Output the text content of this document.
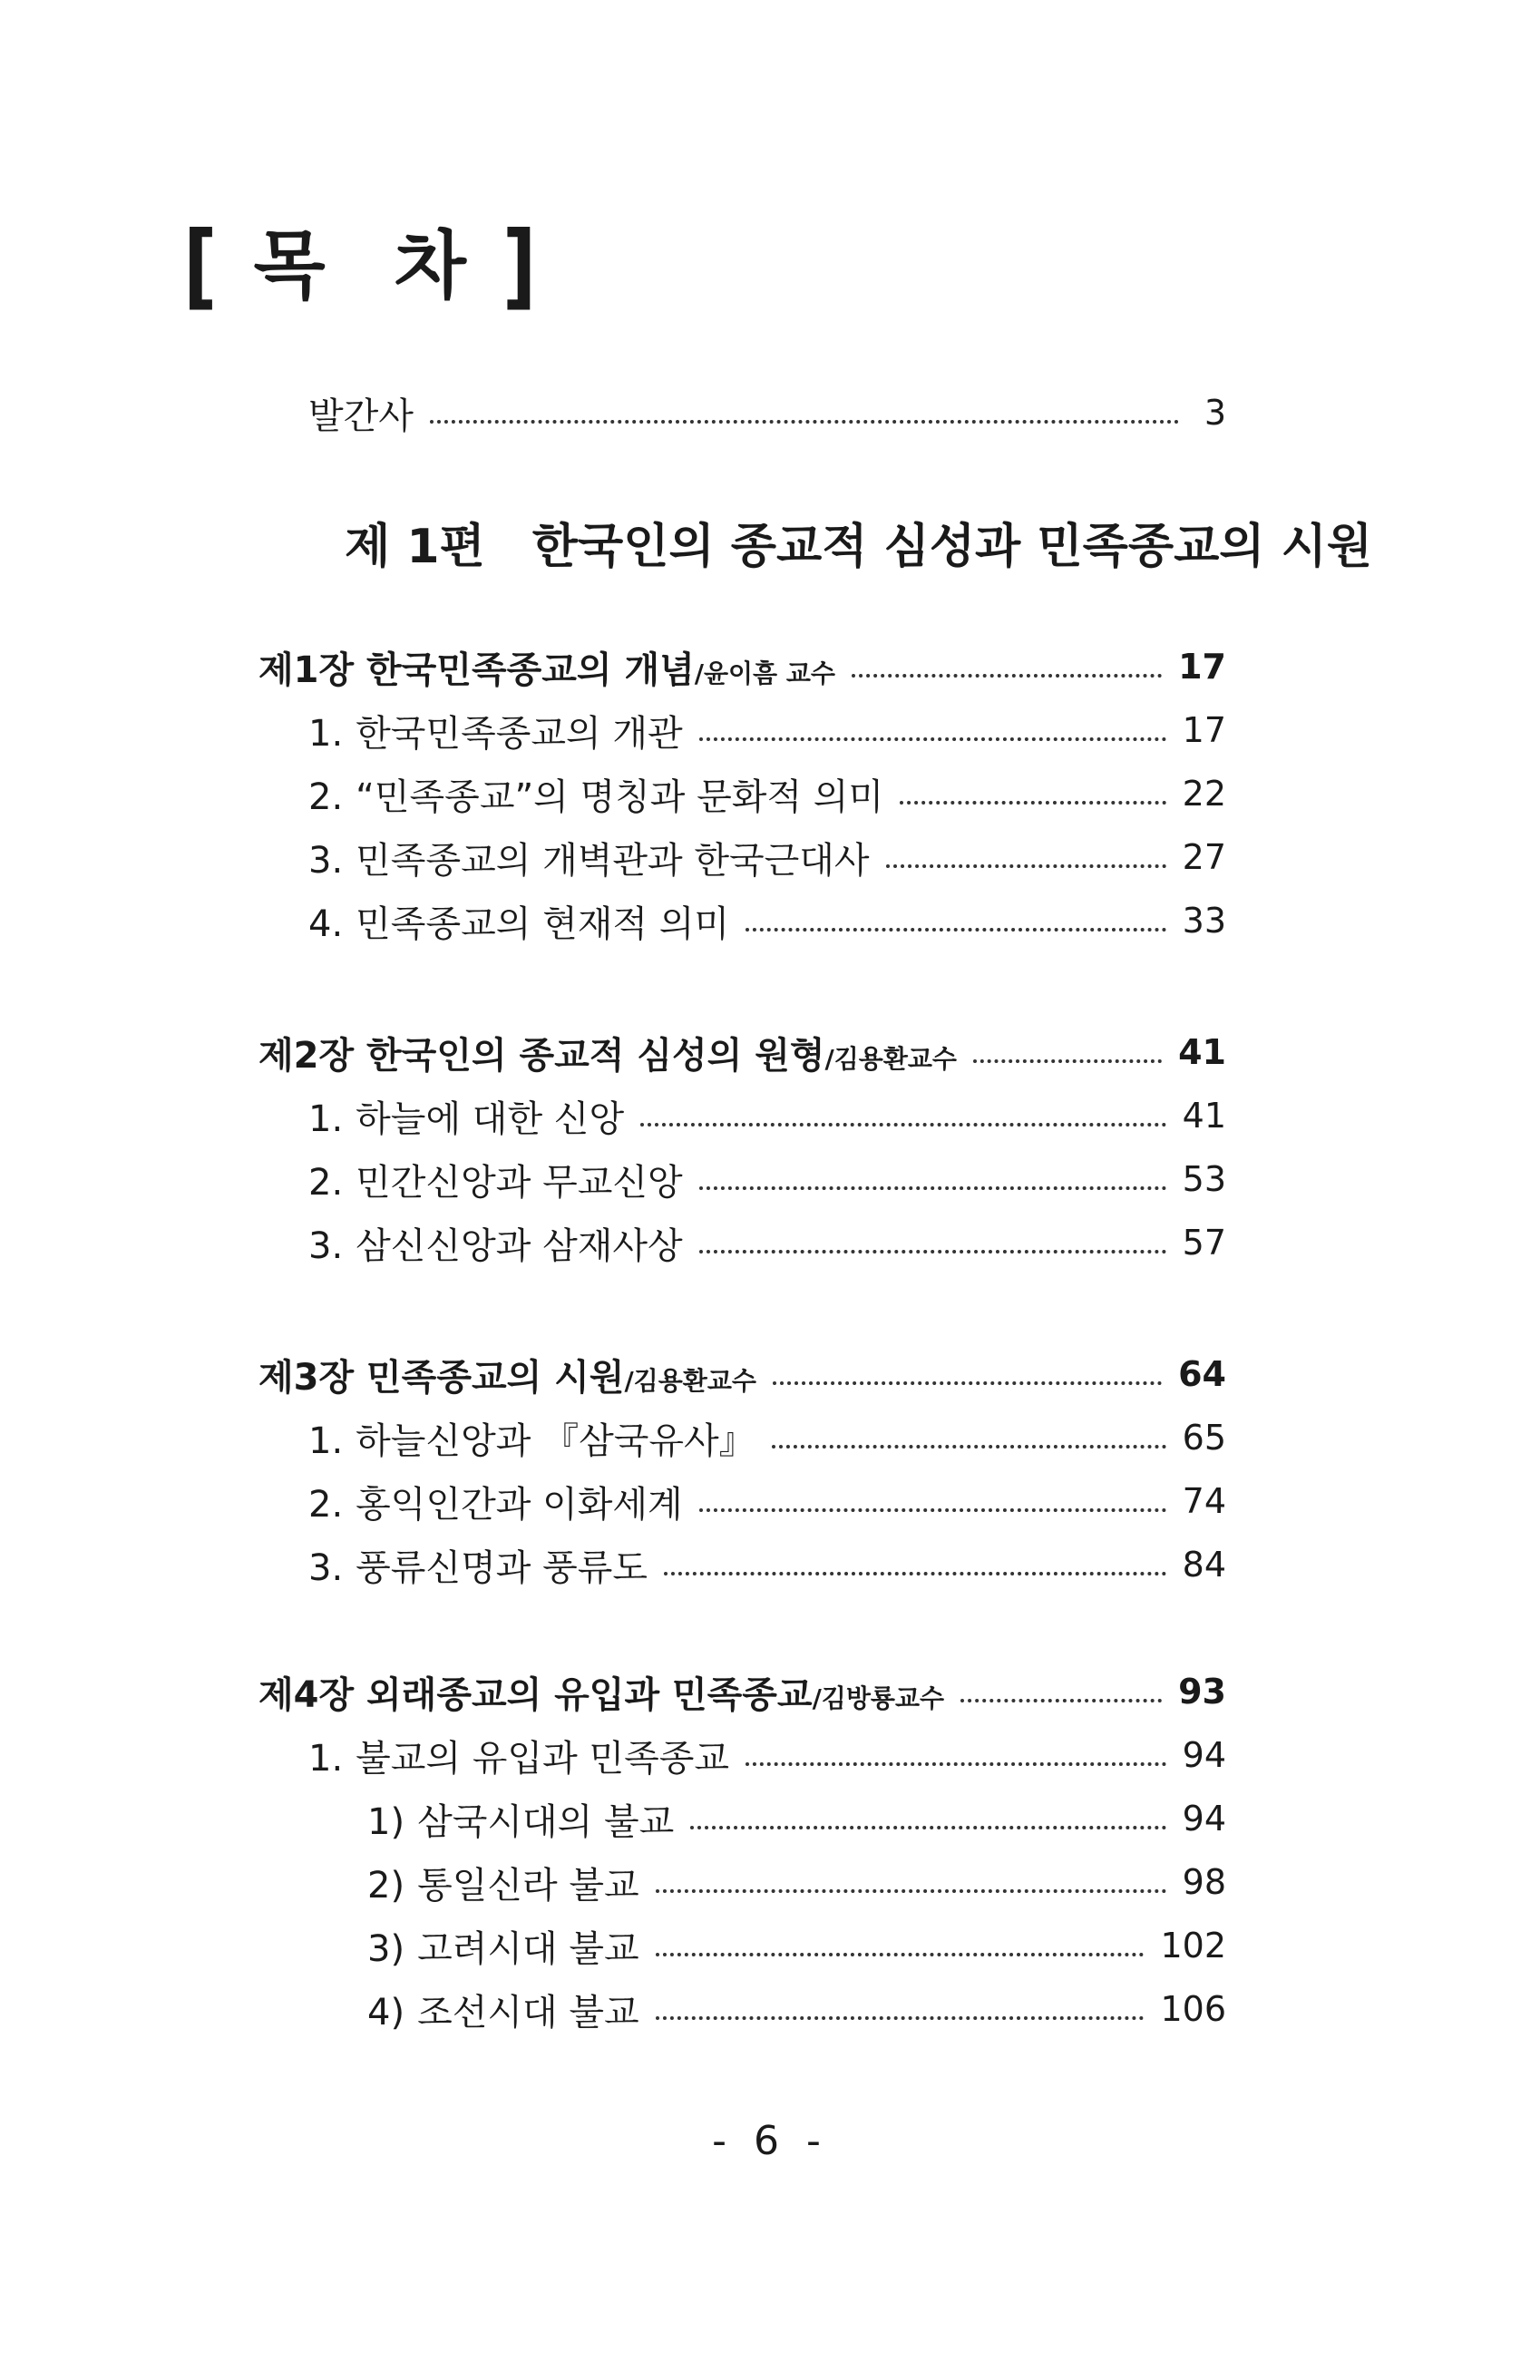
[ 목 차 ]
발간사	3
제 1편 한국인의 종교적 심성과 민족종교의 시원
제1장 한국민족종교의 개념 /윤이흠 교수	17
1. 한국민족종교의 개관	17
2. “민족종교”의 명칭과 문화적 의미	22
3. 민족종교의 개벽관과 한국근대사	27
4. 민족종교의 현재적 의미	33
제2장 한국인의 종교적 심성의 원형 /김용환교수	41
1. 하늘에 대한 신앙	41
2. 민간신앙과 무교신앙	53
3. 삼신신앙과 삼재사상	57
제3장 민족종교의 시원 /김용환교수	64
1. 하늘신앙과 『삼국유사』	65
2. 홍익인간과 이화세계	74
3. 풍류신명과 풍류도	84
제4장 외래종교의 유입과 민족종교 /김방룡교수	93
1. 불교의 유입과 민족종교	94
1) 삼국시대의 불교	94
2) 통일신라 불교	98
3) 고려시대 불교	102
4) 조선시대 불교	106
- 6 -
